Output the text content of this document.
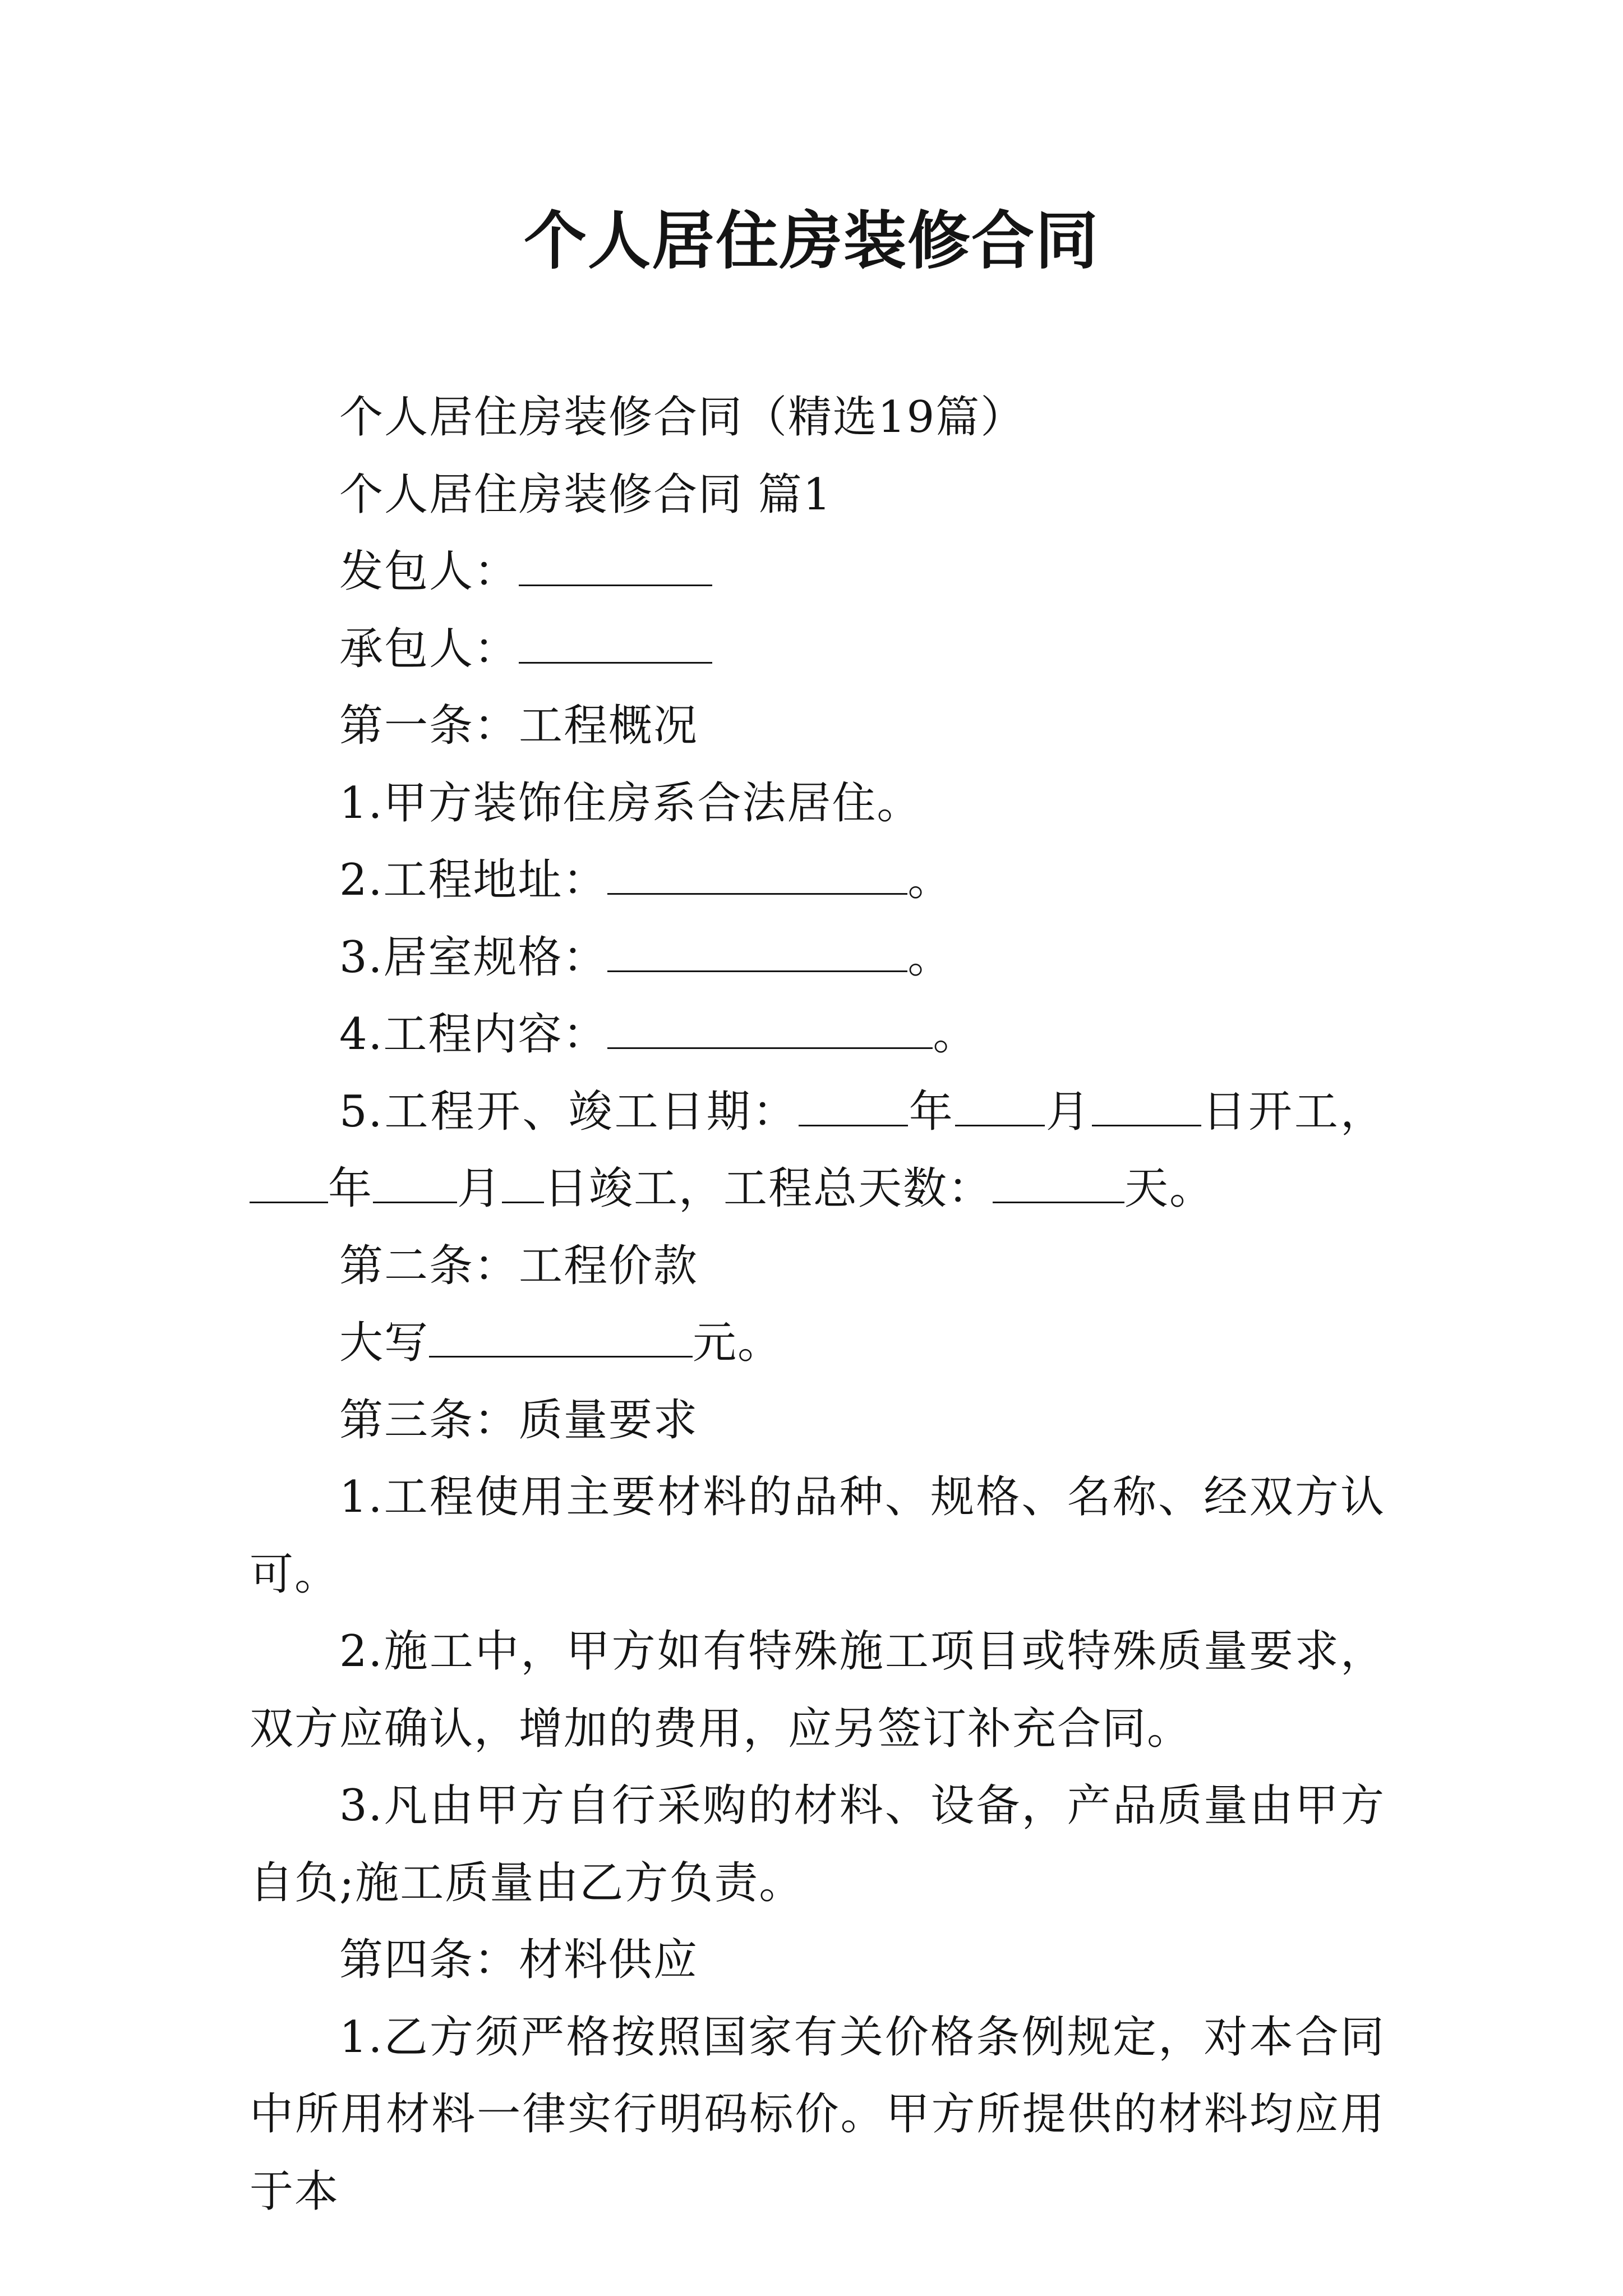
个人居住房装修合同

个人居住房装修合同（精选19篇）

个人居住房装修合同 篇1

发包人：

承包人：

第一条：工程概况

1.甲方装饰住房系合法居住。

2.工程地址：	。

3.居室规格：	。

4.工程内容：	。

5.工程开、竣工日期：	年 月	日开工，年 月 日竣工，工程总天数：	天。

第二条：工程价款

大写	元。

第三条：质量要求

1.工程使用主要材料的品种、规格、名称、经双方认可。

2.施工中，甲方如有特殊施工项目或特殊质量要求，双方应确认，增加的费用，应另签订补充合同。

3.凡由甲方自行采购的材料、设备，产品质量由甲方自负;施工质量由乙方负责。

第四条：材料供应

1.乙方须严格按照国家有关价格条例规定，对本合同中所用材料一律实行明码标价。甲方所提供的材料均应用于本
